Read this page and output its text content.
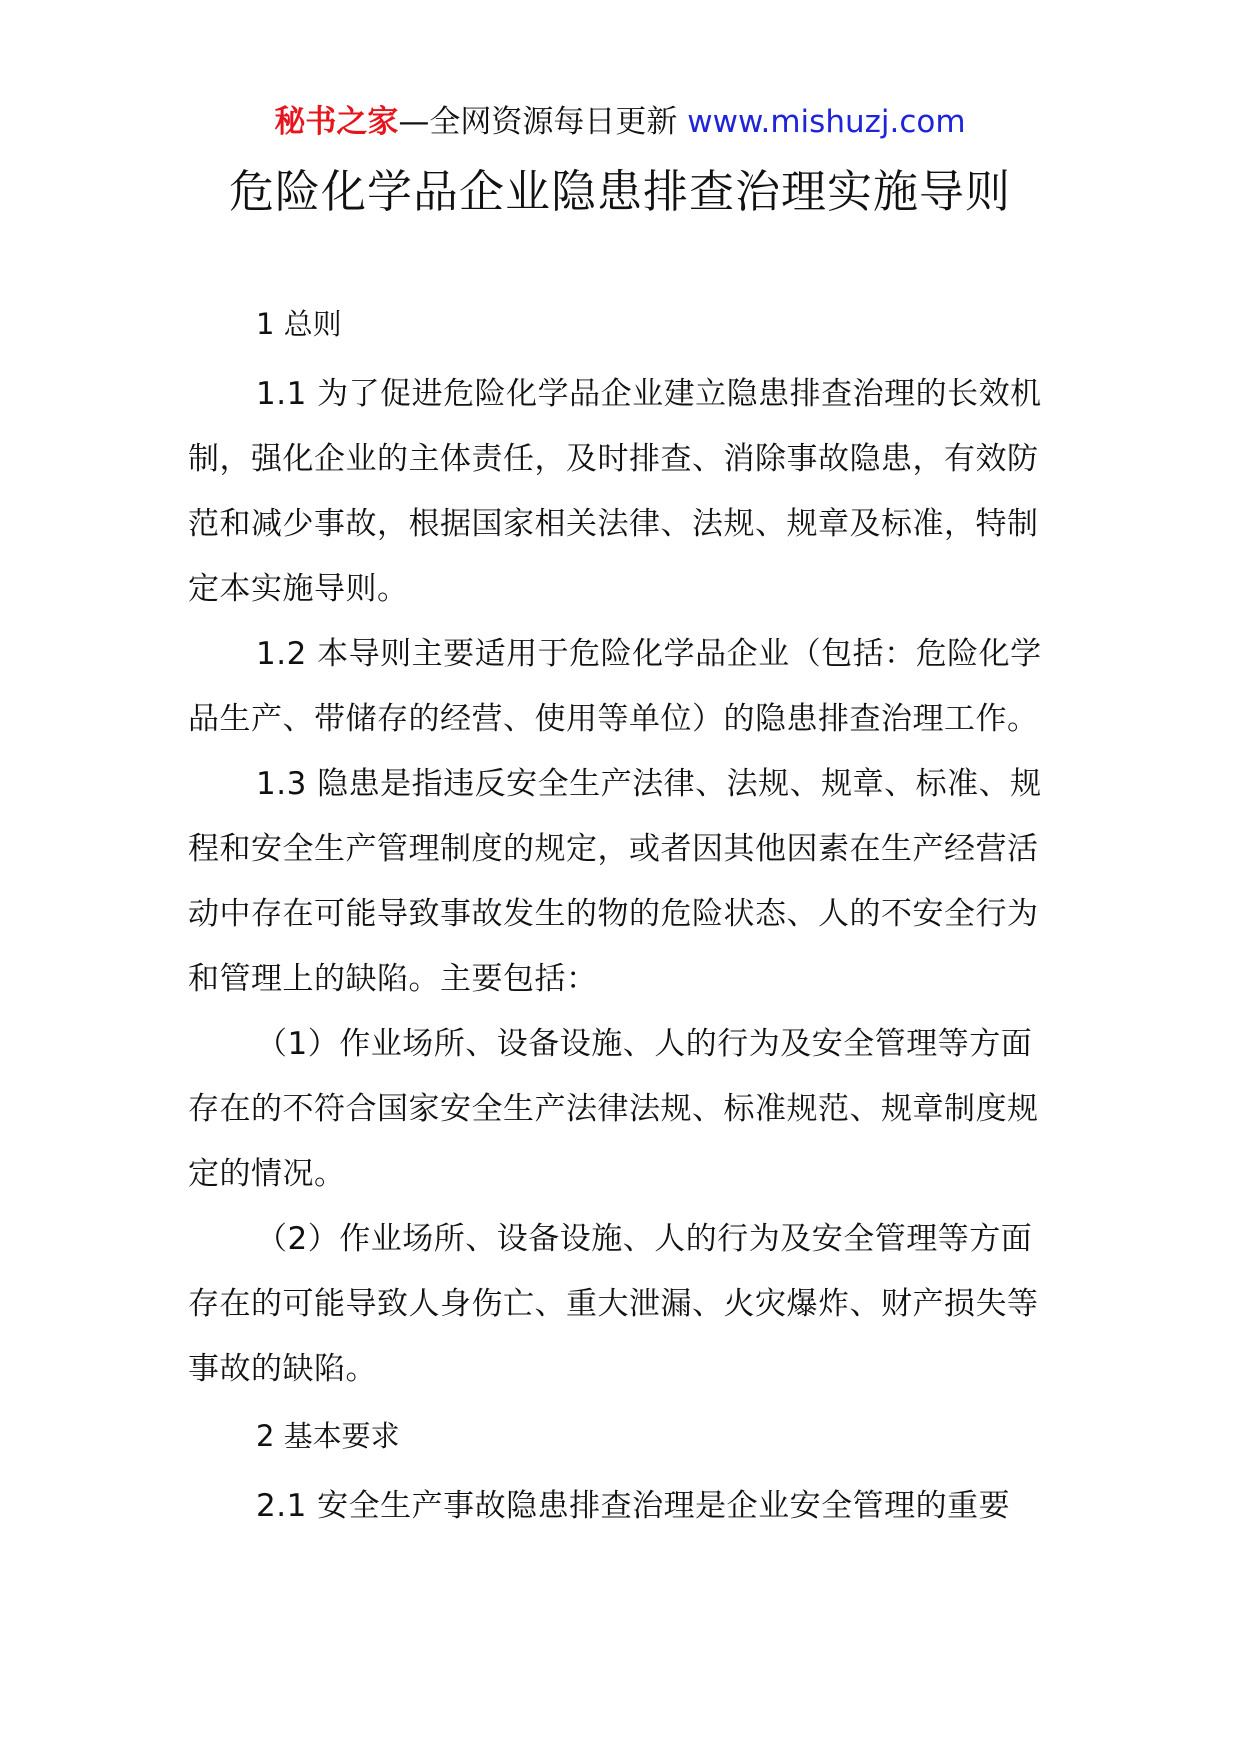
秘书之家—全网资源每日更新 www.mishuzj.com
危险化学品企业隐患排查治理实施导则

1 总则

1.1 为了促进危险化学品企业建立隐患排查治理的长效机制，强化企业的主体责任，及时排查、消除事故隐患，有效防范和减少事故，根据国家相关法律、法规、规章及标准，特制定本实施导则。

1.2 本导则主要适用于危险化学品企业（包括：危险化学品生产、带储存的经营、使用等单位）的隐患排查治理工作。

1.3 隐患是指违反安全生产法律、法规、规章、标准、规程和安全生产管理制度的规定，或者因其他因素在生产经营活动中存在可能导致事故发生的物的危险状态、人的不安全行为和管理上的缺陷。主要包括：

（1）作业场所、设备设施、人的行为及安全管理等方面存在的不符合国家安全生产法律法规、标准规范、规章制度规定的情况。

（2）作业场所、设备设施、人的行为及安全管理等方面存在的可能导致人身伤亡、重大泄漏、火灾爆炸、财产损失等事故的缺陷。

2 基本要求

2.1 安全生产事故隐患排查治理是企业安全管理的重要
